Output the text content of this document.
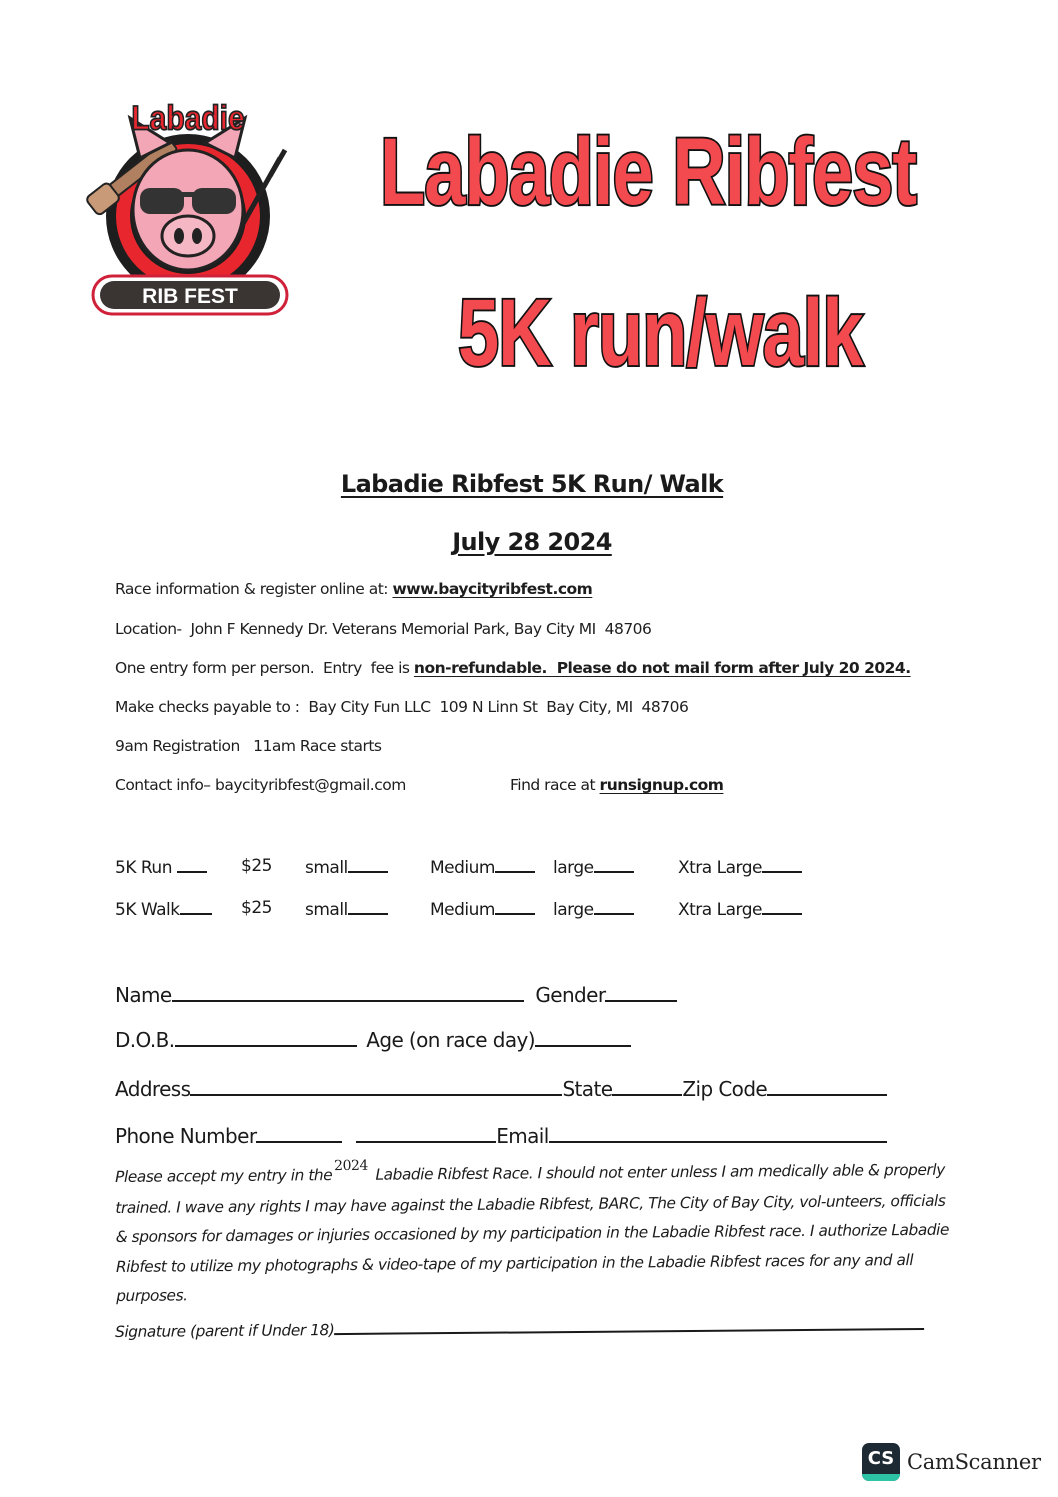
Labadie
RIB FEST
Labadie Ribfest
5K run/walk
Labadie Ribfest 5K Run/ Walk
July 28 2024
Race information & register online at: www.baycityribfest.com
Location-  John F Kennedy Dr. Veterans Memorial Park, Bay City MI  48706
One entry form per person.  Entry  fee is non-refundable.  Please do not mail form after July 20 2024.
Make checks payable to :  Bay City Fun LLC  109 N Linn St  Bay City, MI  48706
9am Registration   11am Race starts
Contact info– baycityribfest@gmail.com	Find race at runsignup.com
5K Run	$25 small	Medium	large	Xtra Large
5K Walk	$25 small	Medium	large	Xtra Large
Name	Gender
D.O.B.	Age (on race day)
Address	State	Zip Code
Phone Number	Email
Please accept my entry in the2024 Labadie Ribfest Race. I should not enter unless I am medically able & properly trained. I wave any rights I may have against the Labadie Ribfest, BARC, The City of Bay City, vol-unteers, officials & sponsors for damages or injuries occasioned by my participation in the Labadie Ribfest race. I authorize Labadie Ribfest to utilize my photographs & video-tape of my participation in the Labadie Ribfest races for any and all purposes.
Signature (parent if Under 18)
CS CamScanner
